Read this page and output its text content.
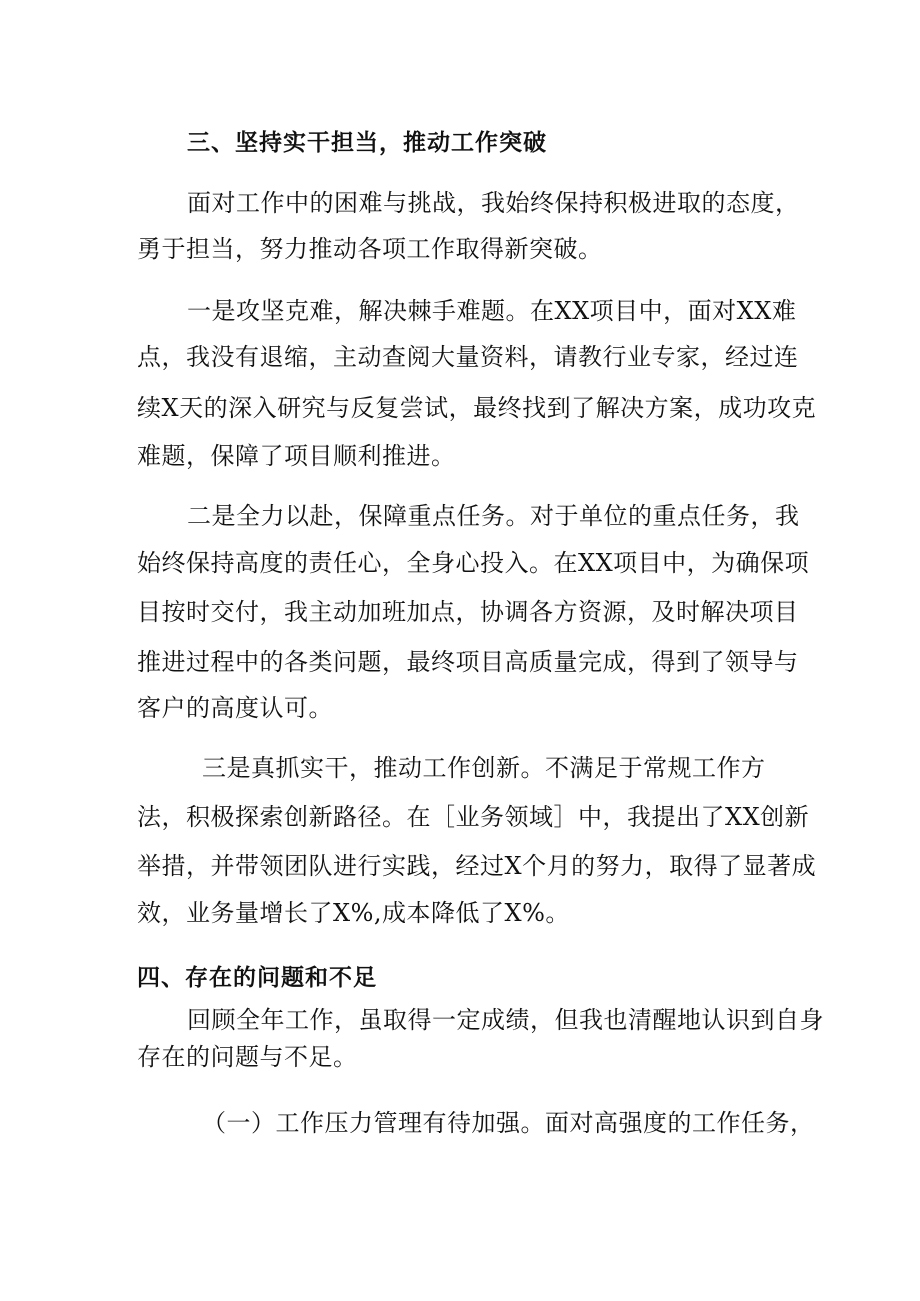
三、坚持实干担当，推动工作突破
面对工作中的困难与挑战，我始终保持积极进取的态度，
勇于担当，努力推动各项工作取得新突破。
一是攻坚克难，解决棘手难题。在XX项目中，面对XX难
点，我没有退缩，主动查阅大量资料，请教行业专家，经过连
续X天的深入研究与反复尝试，最终找到了解决方案，成功攻克
难题，保障了项目顺利推进。
二是全力以赴，保障重点任务。对于单位的重点任务，我
始终保持高度的责任心，全身心投入。在XX项目中，为确保项
目按时交付，我主动加班加点，协调各方资源，及时解决项目
推进过程中的各类问题，最终项目高质量完成，得到了领导与
客户的高度认可。
三是真抓实干，推动工作创新。不满足于常规工作方
法，积极探索创新路径。在［业务领域］中，我提出了XX创新
举措，并带领团队进行实践，经过X个月的努力，取得了显著成
效，业务量增长了X%,成本降低了X%。
四、存在的问题和不足
回顾全年工作，虽取得一定成绩，但我也清醒地认识到自身
存在的问题与不足。
（一）工作压力管理有待加强。面对高强度的工作任务，
